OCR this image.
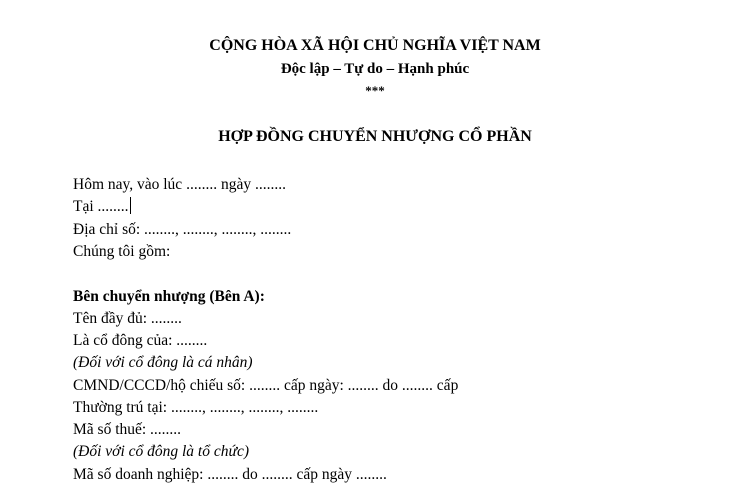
CỘNG HÒA XÃ HỘI CHỦ NGHĨA VIỆT NAM
Độc lập – Tự do – Hạnh phúc
***
HỢP ĐỒNG CHUYỂN NHƯỢNG CỔ PHẦN
Hôm nay, vào lúc ........ ngày ........
Tại ........
Địa chỉ số: ........, ........, ........, ........
Chúng tôi gồm:
Bên chuyển nhượng (Bên A):
Tên đầy đủ: ........
Là cổ đông của: ........
(Đối với cổ đông là cá nhân)
CMND/CCCD/hộ chiếu số: ........ cấp ngày: ........ do ........ cấp
Thường trú tại: ........, ........, ........, ........
Mã số thuế: ........
(Đối với cổ đông là tổ chức)
Mã số doanh nghiệp: ........ do ........ cấp ngày ........
